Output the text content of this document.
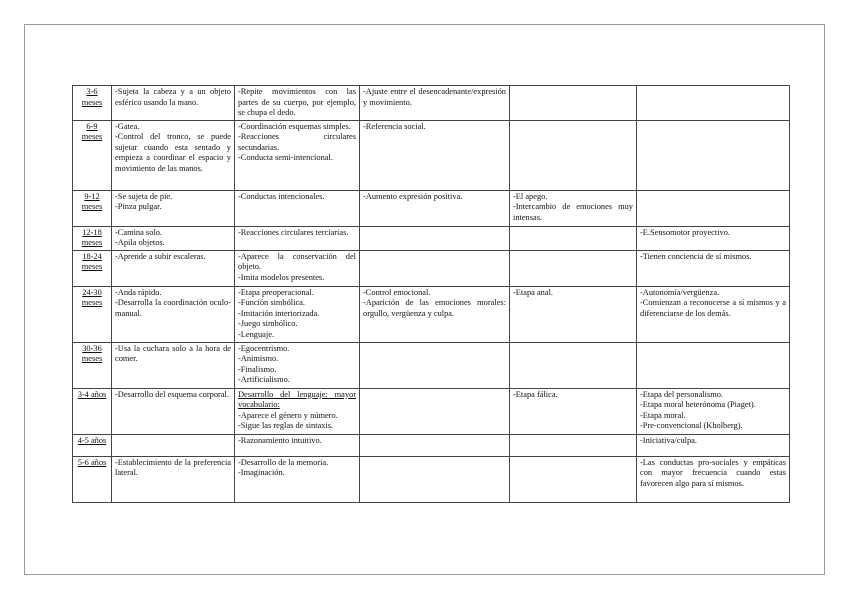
3-6 meses	-Sujeta la cabeza y a un objeto esférico usando la mano.	-Repite movimientos con las partes de su cuerpo, por ejemplo, se chupa el dedo.	-Ajuste entre el desencadenante/expresión y movimiento.		

6-9 meses	-Gatea.
-Control del tronco, se puede sujetar cuando esta sentado y empieza a coordinar el espacio y movimiento de las manos.	-Coordinación esquemas simples.
-Reacciones circulares secundarias.
-Conducta semi-intencional.	-Referencia social.		

9-12 meses	-Se sujeta de pie.
-Pinza pulgar.	-Conductas intencionales.	-Aumento expresión positiva.	-El apego.
-Intercambio de emociones muy intensas.	

12-18 meses	-Camina solo.
-Apila objetos.	-Reacciones circulares terciarias.			-E.Sensomotor proyectivo.

18-24 meses	-Aprende a subir escaleras.	-Aparece la conservación del objeto.
-Imita modelos presentes.			-Tienen conciencia de sí mismos.

24-30 meses	-Anda rápido.
-Desarrolla la coordinación oculo-manual.	-Etapa preoperacional.
-Función simbólica.
-Imitación interiorizada.
-Juego simbólico.
-Lenguaje.	-Control emocional.
-Aparición de las emociones morales: orgullo, vergüenza y culpa.	-Etapa anal.	-Autonomía/vergüenza.
-Comienzan a reconocerse a sí mismos y a diferenciarse de los demás.

30-36 meses	-Usa la cuchara solo a la hora de comer.	-Egocentrismo.
-Animismo.
-Finalismo.
-Artificialismo.			

3-4 años	-Desarrollo del esquema corporal.	Desarrollo del lenguaje: mayor vocabulario:
-Aparece el género y número.
-Sigue las reglas de sintaxis.		-Etapa fálica.	-Etapa del personalismo.
-Etapa moral heterónoma (Piaget).
-Etapa moral.
-Pre-convencional (Kholberg).

4-5 años		-Razonamiento intuitivo.			-Iniciativa/culpa.

5-6 años	-Establecimiento de la preferencia lateral.	-Desarrollo de la memoria.
-Imaginación.			-Las conductas pro-sociales y empáticas con mayor frecuencia cuando estas favorecen algo para sí mismos.
